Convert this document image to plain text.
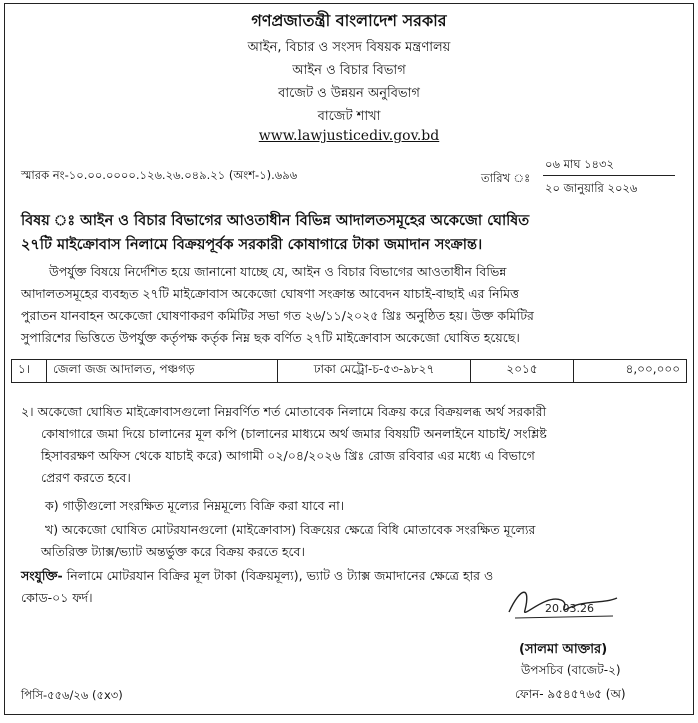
গণপ্রজাতন্ত্রী বাংলাদেশ সরকার
আইন, বিচার ও সংসদ বিষয়ক মন্ত্রণালয়
আইন ও বিচার বিভাগ
বাজেট ও উন্নয়ন অনুবিভাগ
বাজেট শাখা
www.lawjusticediv.gov.bd
স্মারক নং-১০.০০.০০০০.১২৬.২৬.০৪৯.২১ (অংশ-১).৬৯৬	তারিখ ঃ
০৬ মাঘ ১৪৩২
২০ জানুয়ারি ২০২৬
বিষয় ঃ আইন ও বিচার বিভাগের আওতাধীন বিভিন্ন আদালতসমূহের অকেজো ঘোষিত
২৭টি মাইক্রোবাস নিলামে বিক্রয়পূর্বক সরকারী কোষাগারে টাকা জমাদান সংক্রান্ত।
উপর্যুক্ত বিষয়ে নির্দেশিত হয়ে জানানো যাচ্ছে যে, আইন ও বিচার বিভাগের আওতাধীন বিভিন্ন
আদালতসমূহের ব্যবহৃত ২৭টি মাইক্রোবাস অকেজো ঘোষণা সংক্রান্ত আবেদন যাচাই-বাছাই এর নিমিত্ত
পুরাতন যানবাহন অকেজো ঘোষণাকরণ কমিটির সভা গত ২৬/১১/২০২৫ খ্রিঃ অনুষ্ঠিত হয়। উক্ত কমিটির
সুপারিশের ভিত্তিতে উপর্যুক্ত কর্তৃপক্ষ কর্তৃক নিম্ন ছক বর্ণিত ২৭টি মাইক্রোবাস অকেজো ঘোষিত হয়েছে।
১।	জেলা জজ আদালত, পঞ্চগড়	ঢাকা মেট্রো-চ-৫৩-৯৮২৭	২০১৫	৪,০০,০০০
২। অকেজো ঘোষিত মাইক্রোবাসগুলো নিম্নবর্ণিত শর্ত মোতাবেক নিলামে বিক্রয় করে বিক্রয়লব্ধ অর্থ সরকারী
কোষাগারে জমা দিয়ে চালানের মূল কপি (চালানের মাধ্যমে অর্থ জমার বিষয়টি অনলাইনে যাচাই/ সংশ্লিষ্ট
হিসাবরক্ষণ অফিস থেকে যাচাই করে) আগামী ০২/০৪/২০২৬ খ্রিঃ রোজ রবিবার এর মধ্যে এ বিভাগে
প্রেরণ করতে হবে।
ক) গাড়ীগুলো সংরক্ষিত মূল্যের নিম্নমূল্যে বিক্রি করা যাবে না।
খ) অকেজো ঘোষিত মোটরযানগুলো (মাইক্রোবাস) বিক্রয়ের ক্ষেত্রে বিধি মোতাবেক সংরক্ষিত মূল্যের
অতিরিক্ত ট্যাক্স/ভ্যাট অন্তর্ভুক্ত করে বিক্রয় করতে হবে।
সংযুক্তি- নিলামে মোটরযান বিক্রির মূল টাকা (বিক্রয়মূল্য), ভ্যাট ও ট্যাক্স জমাদানের ক্ষেত্রে হার ও
কোড-০১ ফর্দ।
20.03.26
(সালমা আক্তার)
উপসচিব (বাজেট-২)
ফোন- ৯৫৪৫৭৬৫ (অ)
পিসি-৫৫৬/২৬ (৫x৩)
